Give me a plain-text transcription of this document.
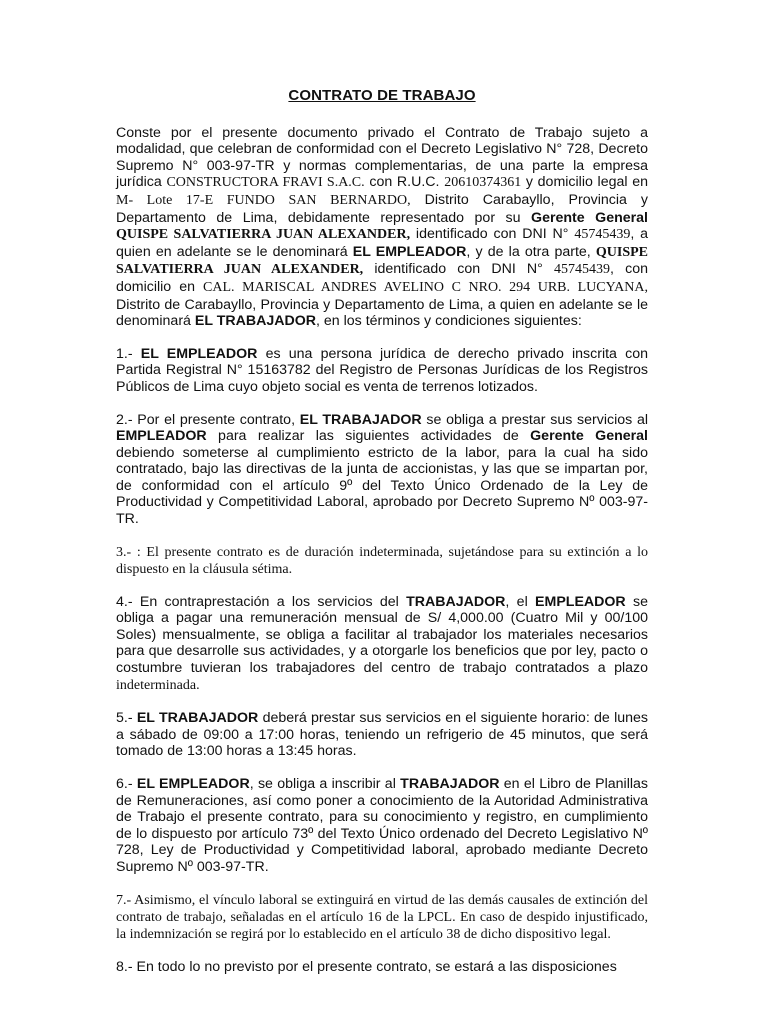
CONTRATO DE TRABAJO

Conste por el presente documento privado el Contrato de Trabajo sujeto a modalidad, que celebran de conformidad con el Decreto Legislativo N° 728, Decreto Supremo N° 003-97-TR y normas complementarias, de una parte la empresa jurídica CONSTRUCTORA FRAVI S.A.C. con R.U.C. 20610374361 y domicilio legal en M- Lote 17-E FUNDO SAN BERNARDO, Distrito Carabayllo, Provincia y Departamento de Lima, debidamente representado por su Gerente General QUISPE SALVATIERRA JUAN ALEXANDER, identificado con DNI N° 45745439, a quien en adelante se le denominará EL EMPLEADOR, y de la otra parte, QUISPE SALVATIERRA JUAN ALEXANDER, identificado con DNI N° 45745439, con domicilio en CAL. MARISCAL ANDRES AVELINO C NRO. 294 URB. LUCYANA, Distrito de Carabayllo, Provincia y Departamento de Lima, a quien en adelante se le denominará EL TRABAJADOR, en los términos y condiciones siguientes:

1.- EL EMPLEADOR es una persona jurídica de derecho privado inscrita con Partida Registral N° 15163782 del Registro de Personas Jurídicas de los Registros Públicos de Lima cuyo objeto social es venta de terrenos lotizados.

2.- Por el presente contrato, EL TRABAJADOR se obliga a prestar sus servicios al EMPLEADOR para realizar las siguientes actividades de Gerente General debiendo someterse al cumplimiento estricto de la labor, para la cual ha sido contratado, bajo las directivas de la junta de accionistas, y las que se impartan por, de conformidad con el artículo 9º del Texto Único Ordenado de la Ley de Productividad y Competitividad Laboral, aprobado por Decreto Supremo Nº 003-97-TR.

3.- : El presente contrato es de duración indeterminada, sujetándose para su extinción a lo dispuesto en la cláusula sétima.

4.- En contraprestación a los servicios del TRABAJADOR, el EMPLEADOR se obliga a pagar una remuneración mensual de S/ 4,000.00 (Cuatro Mil y 00/100 Soles) mensualmente, se obliga a facilitar al trabajador los materiales necesarios para que desarrolle sus actividades, y a otorgarle los beneficios que por ley, pacto o costumbre tuvieran los trabajadores del centro de trabajo contratados a plazo indeterminada.

5.- EL TRABAJADOR deberá prestar sus servicios en el siguiente horario: de lunes a sábado de 09:00 a 17:00 horas, teniendo un refrigerio de 45 minutos, que será tomado de 13:00 horas a 13:45 horas.

6.- EL EMPLEADOR, se obliga a inscribir al TRABAJADOR en el Libro de Planillas de Remuneraciones, así como poner a conocimiento de la Autoridad Administrativa de Trabajo el presente contrato, para su conocimiento y registro, en cumplimiento de lo dispuesto por artículo 73º del Texto Único ordenado del Decreto Legislativo Nº 728, Ley de Productividad y Competitividad laboral, aprobado mediante Decreto Supremo Nº 003-97-TR.

7.- Asimismo, el vínculo laboral se extinguirá en virtud de las demás causales de extinción del contrato de trabajo, señaladas en el artículo 16 de la LPCL. En caso de despido injustificado, la indemnización se regirá por lo establecido en el artículo 38 de dicho dispositivo legal.

8.- En todo lo no previsto por el presente contrato, se estará a las disposiciones
